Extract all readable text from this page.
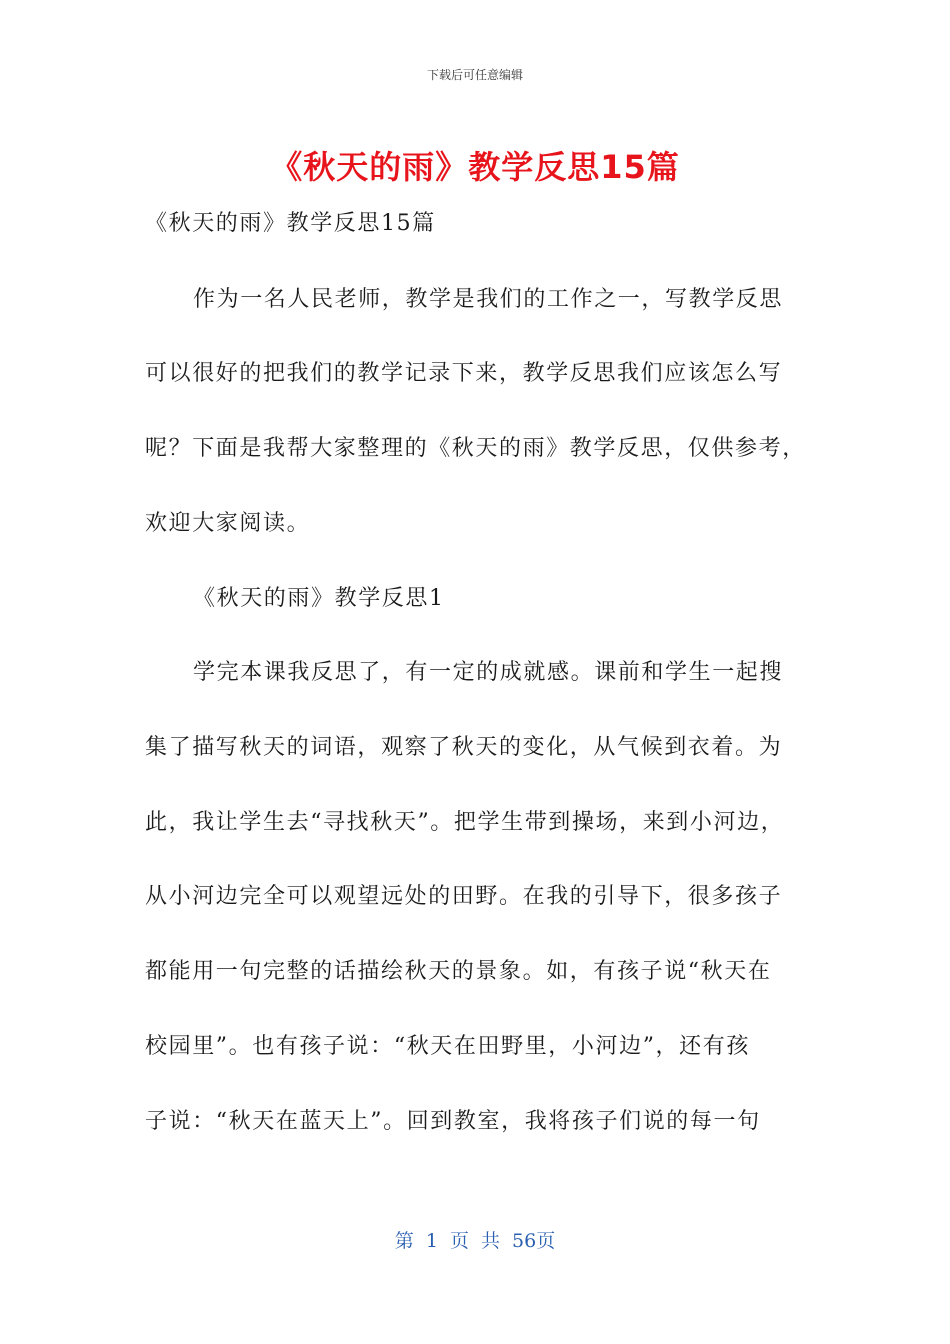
下载后可任意编辑
《秋天的雨》教学反思15篇
《秋天的雨》教学反思15篇
作为一名人民老师，教学是我们的工作之一，写教学反思
可以很好的把我们的教学记录下来，教学反思我们应该怎么写
呢？下面是我帮大家整理的《秋天的雨》教学反思，仅供参考，
欢迎大家阅读。
《秋天的雨》教学反思1
学完本课我反思了，有一定的成就感。课前和学生一起搜
集了描写秋天的词语，观察了秋天的变化，从气候到衣着。为
此，我让学生去“寻找秋天”。把学生带到操场，来到小河边，
从小河边完全可以观望远处的田野。在我的引导下，很多孩子
都能用一句完整的话描绘秋天的景象。如，有孩子说“秋天在
校园里”。也有孩子说：“秋天在田野里，小河边”，还有孩
子说：“秋天在蓝天上”。回到教室，我将孩子们说的每一句
第 1 页 共 56页
